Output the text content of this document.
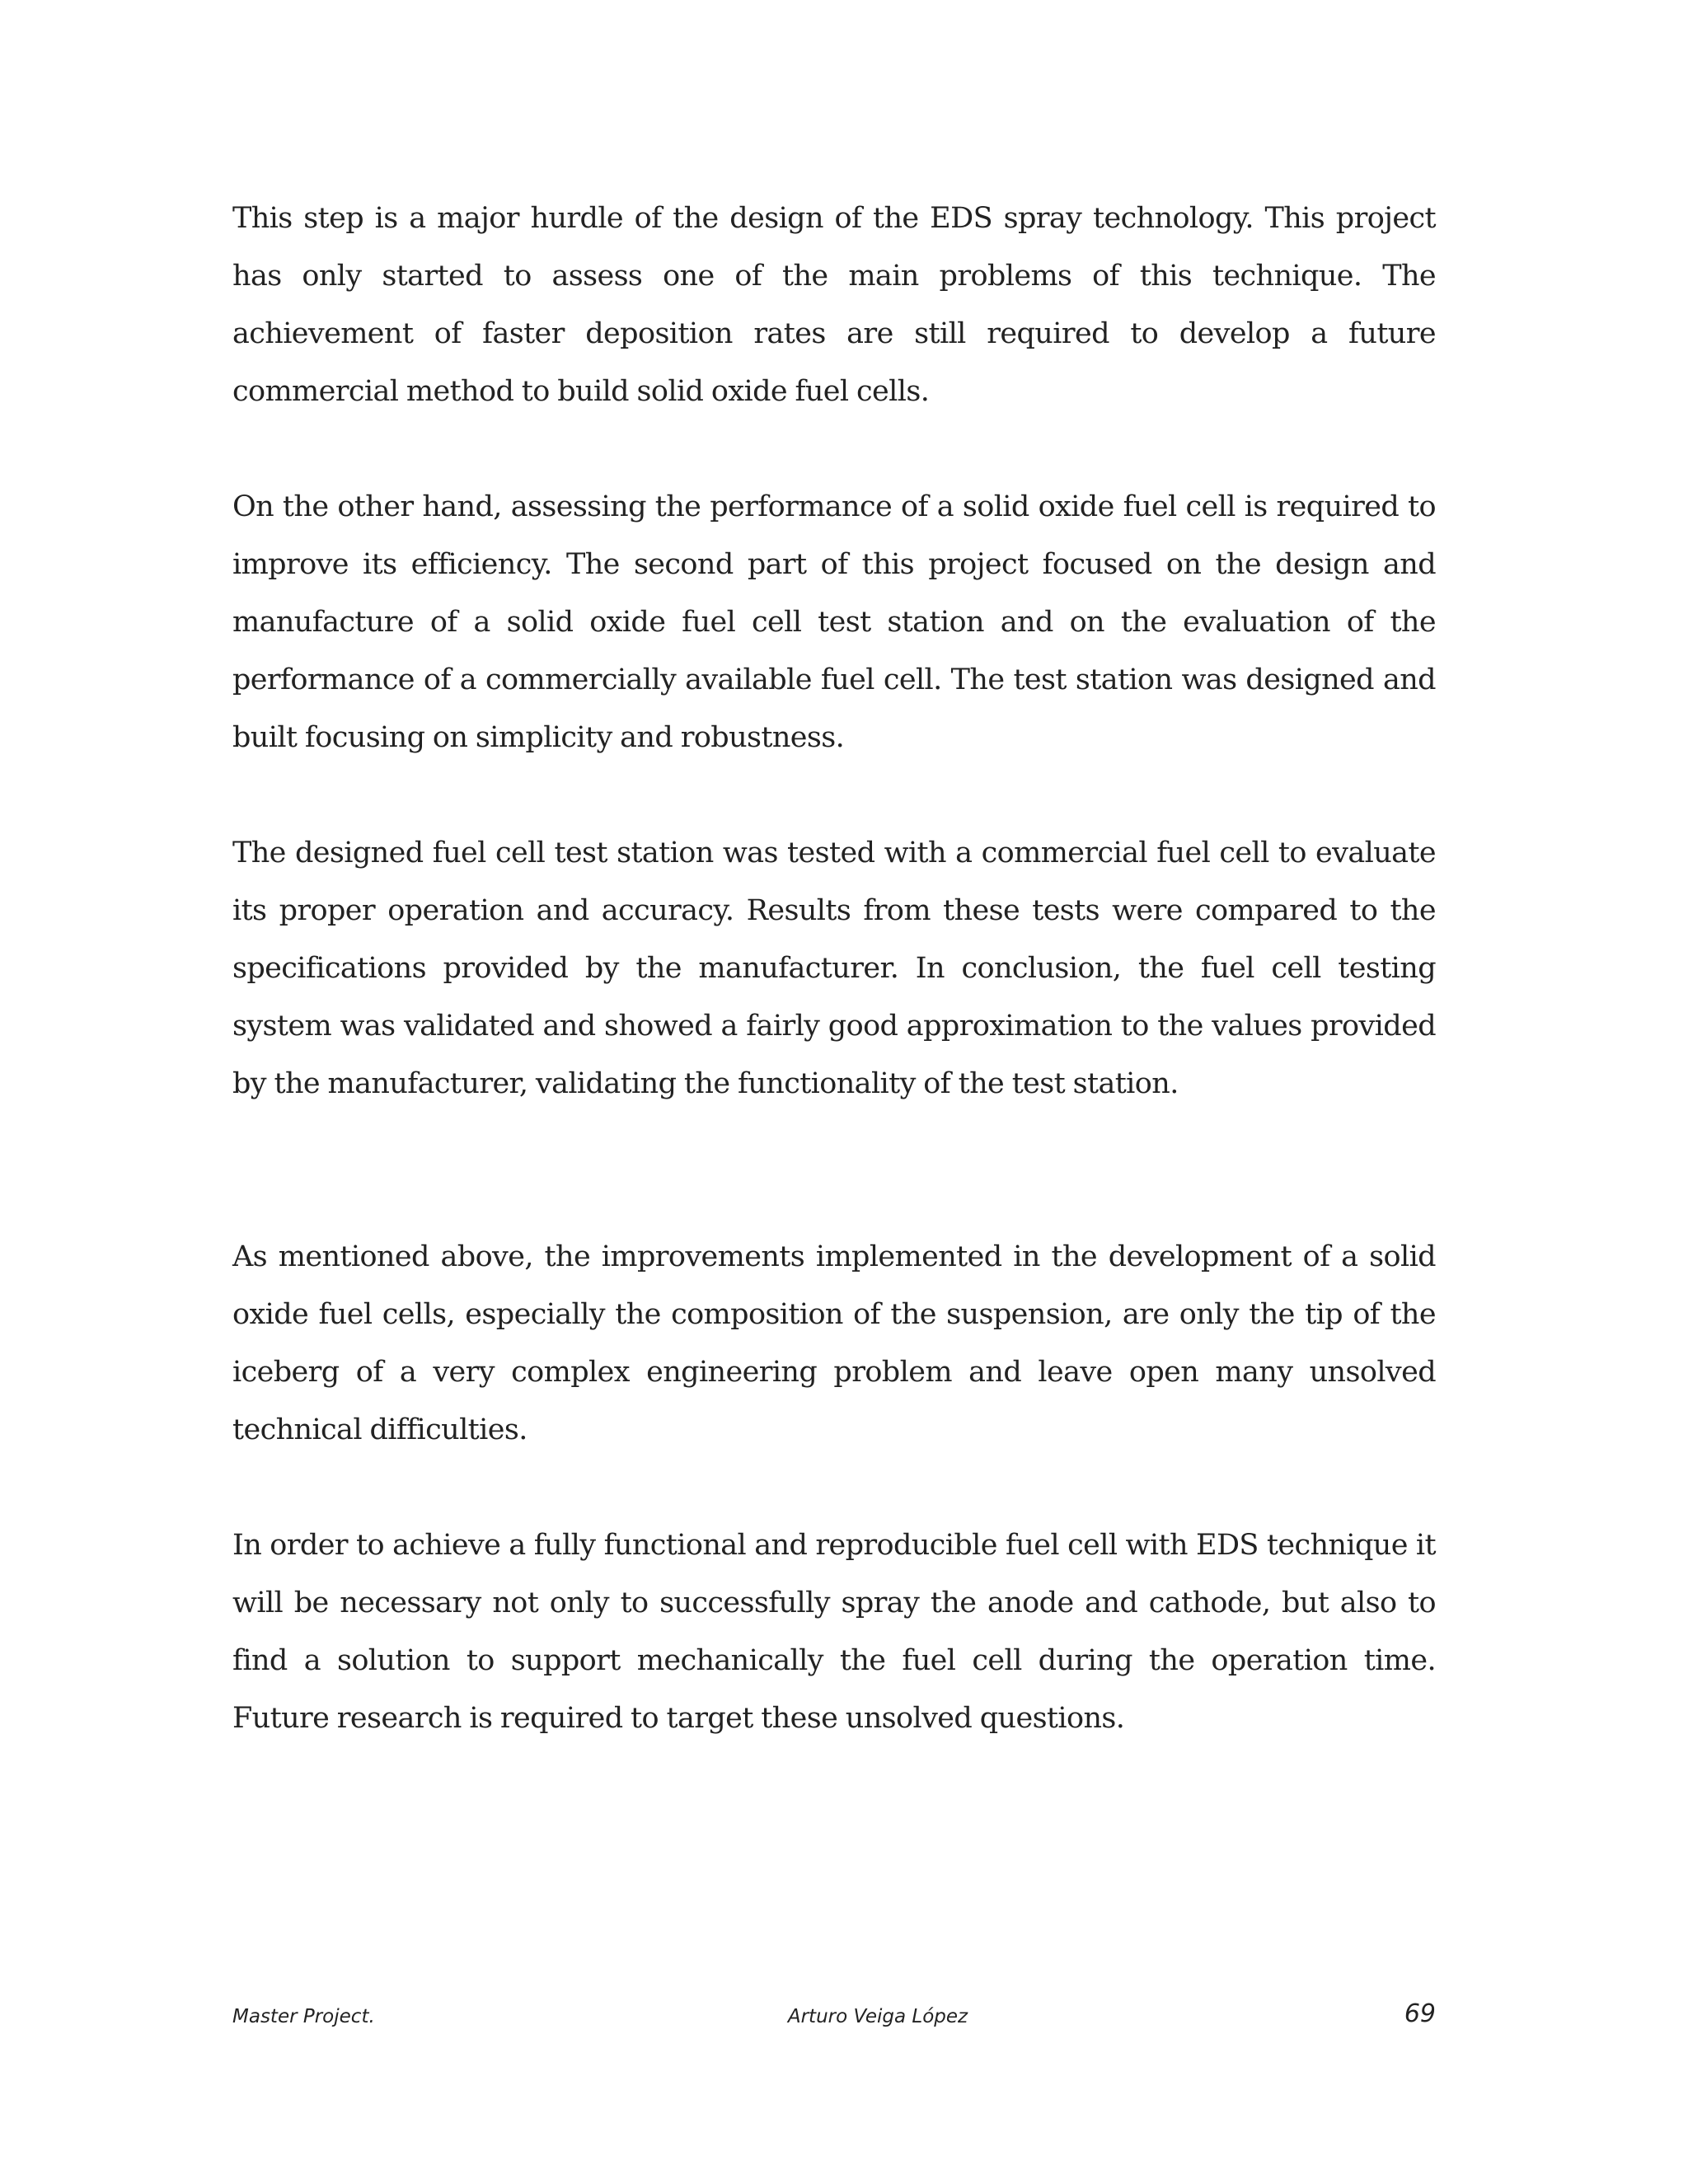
This step is a major hurdle of the design of the EDS spray technology. This project has only started to assess one of the main problems of this technique. The achievement of faster deposition rates are still required to develop a future commercial method to build solid oxide fuel cells.

On the other hand, assessing the performance of a solid oxide fuel cell is required to improve its efficiency. The second part of this project focused on the design and manufacture of a solid oxide fuel cell test station and on the evaluation of the performance of a commercially available fuel cell. The test station was designed and built focusing on simplicity and robustness.

The designed fuel cell test station was tested with a commercial fuel cell to evaluate its proper operation and accuracy. Results from these tests were compared to the specifications provided by the manufacturer. In conclusion, the fuel cell testing system was validated and showed a fairly good approximation to the values provided by the manufacturer, validating the functionality of the test station.

As mentioned above, the improvements implemented in the development of a solid oxide fuel cells, especially the composition of the suspension, are only the tip of the iceberg of a very complex engineering problem and leave open many unsolved technical difficulties.

In order to achieve a fully functional and reproducible fuel cell with EDS technique it will be necessary not only to successfully spray the anode and cathode, but also to find a solution to support mechanically the fuel cell during the operation time. Future research is required to target these unsolved questions.

Master Project.	Arturo Veiga López	69
